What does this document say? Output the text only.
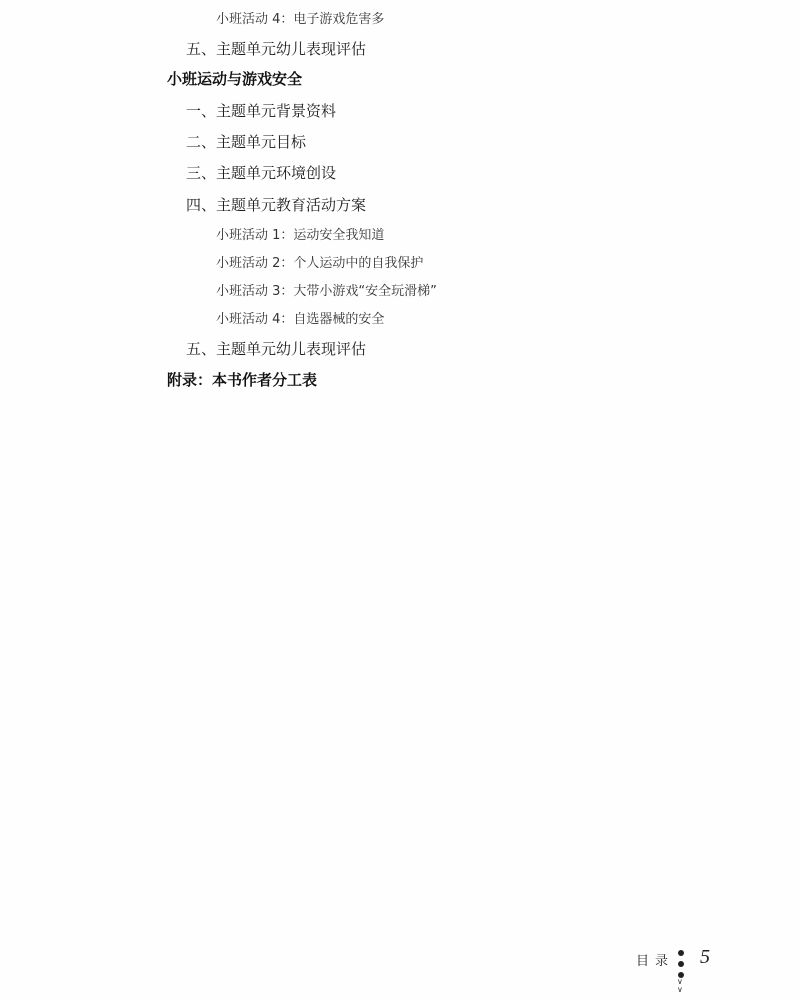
小班活动 4：电子游戏危害多
五、主题单元幼儿表现评估
小班运动与游戏安全
一、主题单元背景资料
二、主题单元目标
三、主题单元环境创设
四、主题单元教育活动方案
小班活动 1：运动安全我知道
小班活动 2：个人运动中的自我保护
小班活动 3：大带小游戏“安全玩滑梯”
小班活动 4：自选器械的安全
五、主题单元幼儿表现评估
附录：本书作者分工表
目录
∨
∨
5
